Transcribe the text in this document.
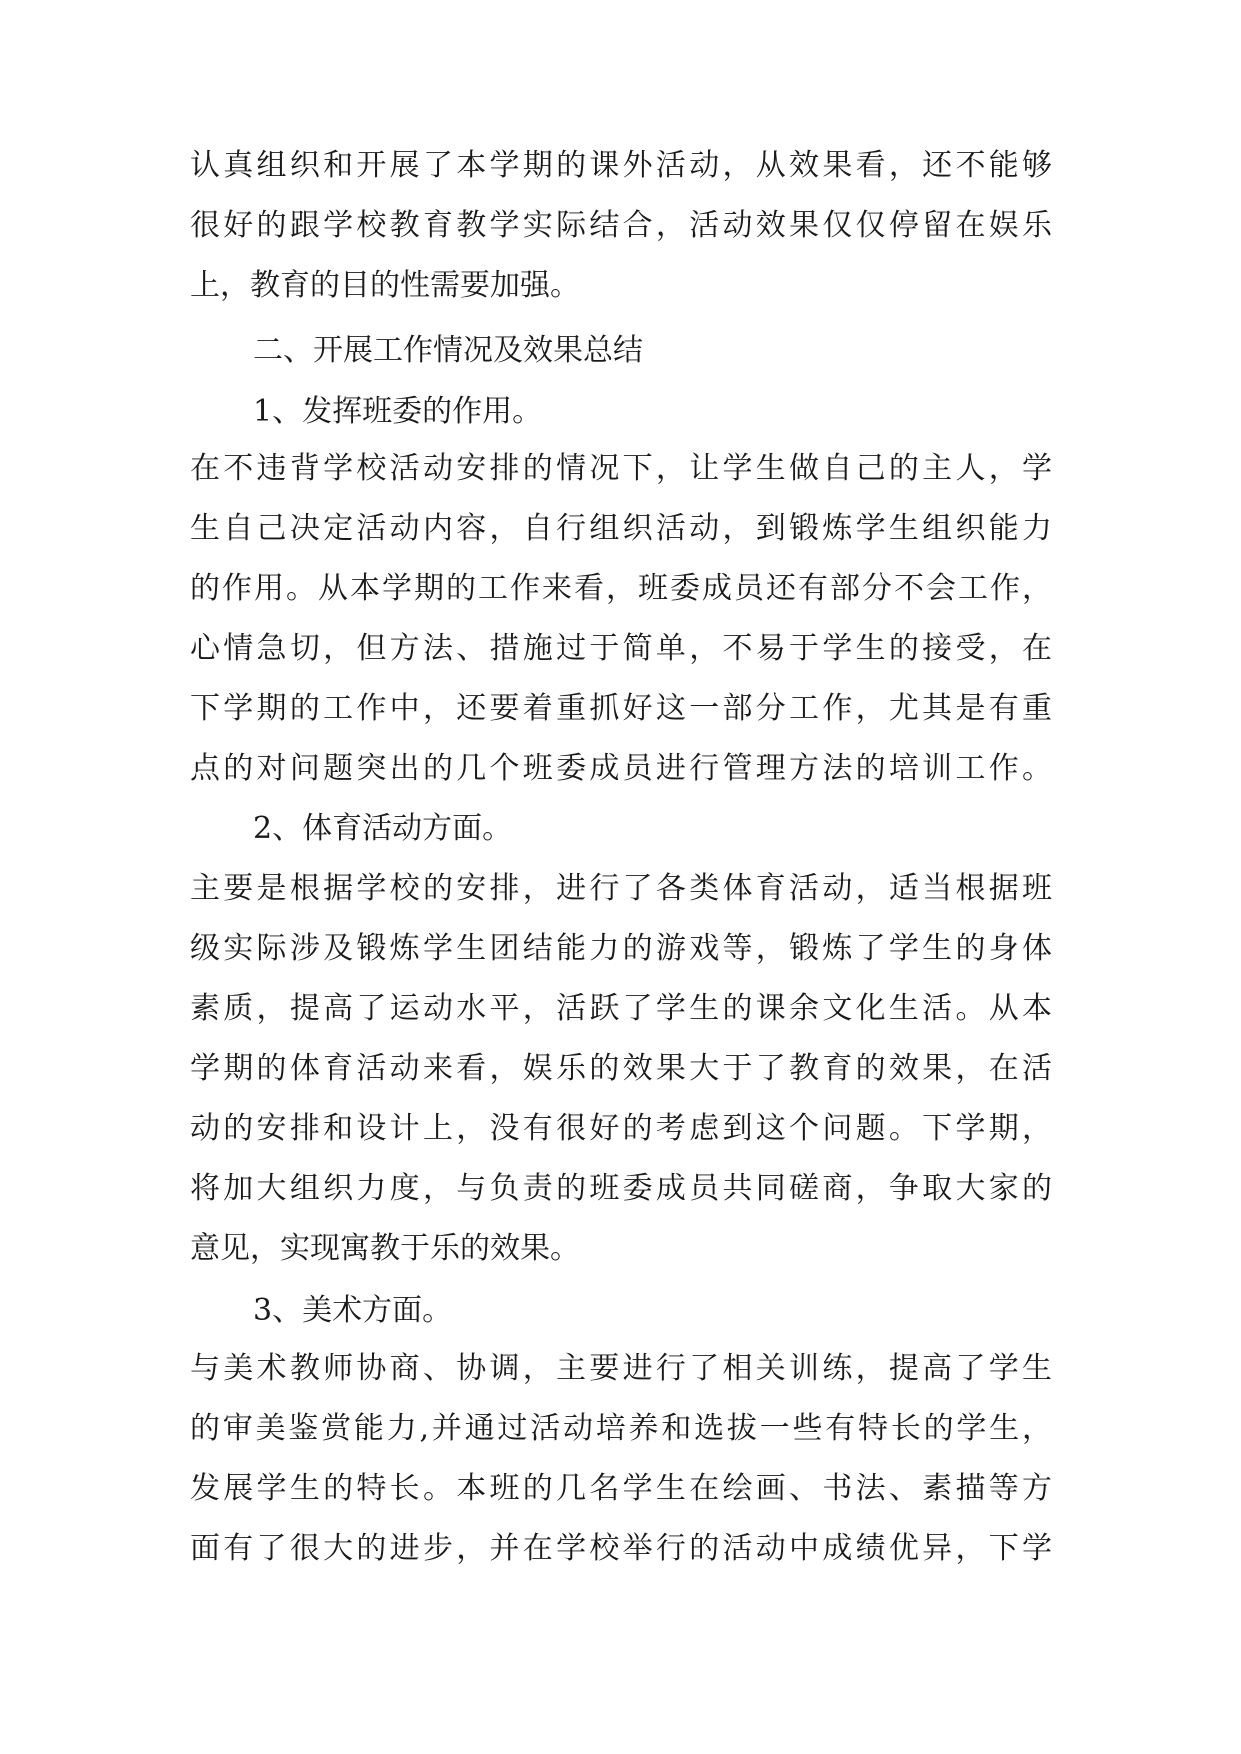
认真组织和开展了本学期的课外活动，从效果看，还不能够
很好的跟学校教育教学实际结合，活动效果仅仅停留在娱乐
上，教育的目的性需要加强。
二、开展工作情况及效果总结
1、发挥班委的作用。
在不违背学校活动安排的情况下，让学生做自己的主人，学
生自己决定活动内容，自行组织活动，到锻炼学生组织能力
的作用。从本学期的工作来看，班委成员还有部分不会工作，
心情急切，但方法、措施过于简单，不易于学生的接受，在
下学期的工作中，还要着重抓好这一部分工作，尤其是有重
点的对问题突出的几个班委成员进行管理方法的培训工作。
2、体育活动方面。
主要是根据学校的安排，进行了各类体育活动，适当根据班
级实际涉及锻炼学生团结能力的游戏等，锻炼了学生的身体
素质，提高了运动水平，活跃了学生的课余文化生活。从本
学期的体育活动来看，娱乐的效果大于了教育的效果，在活
动的安排和设计上，没有很好的考虑到这个问题。下学期，
将加大组织力度，与负责的班委成员共同磋商，争取大家的
意见，实现寓教于乐的效果。
3、美术方面。
与美术教师协商、协调，主要进行了相关训练，提高了学生
的审美鉴赏能力,并通过活动培养和选拔一些有特长的学生，
发展学生的特长。本班的几名学生在绘画、书法、素描等方
面有了很大的进步，并在学校举行的活动中成绩优异，下学
